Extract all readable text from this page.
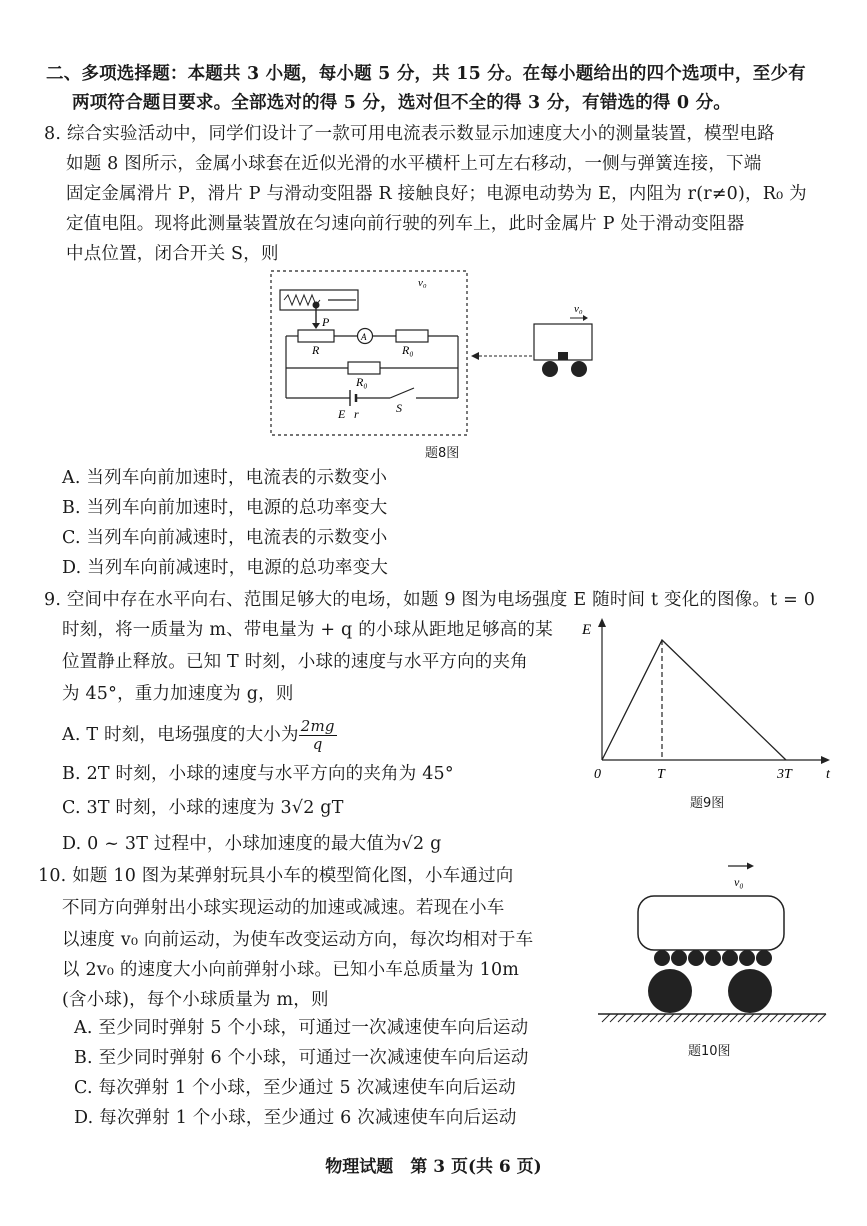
二、多项选择题：本题共 3 小题，每小题 5 分，共 15 分。在每小题给出的四个选项中，至少有
两项符合题目要求。全部选对的得 5 分，选对但不全的得 3 分，有错选的得 0 分。
8. 综合实验活动中，同学们设计了一款可用电流表示数显示加速度大小的测量装置，模型电路
如题 8 图所示，金属小球套在近似光滑的水平横杆上可左右移动，一侧与弹簧连接，下端
固定金属滑片 P，滑片 P 与滑动变阻器 R 接触良好；电源电动势为 E，内阻为 r(r≠0)，R₀ 为
定值电阻。现将此测量装置放在匀速向前行驶的列车上，此时金属片 P 处于滑动变阻器
中点位置，闭合开关 S，则
v₀
P
A
R	R₀
R₀
E r	S
v₀
题8图
A. 当列车向前加速时，电流表的示数变小
B. 当列车向前加速时，电源的总功率变大
C. 当列车向前减速时，电流表的示数变小
D. 当列车向前减速时，电源的总功率变大
9. 空间中存在水平向右、范围足够大的电场，如题 9 图为电场强度 E 随时间 t 变化的图像。t = 0
时刻，将一质量为 m、带电量为 + q 的小球从距地足够高的某
位置静止释放。已知 T 时刻，小球的速度与水平方向的夹角
为 45°，重力加速度为 g，则
A. T 时刻，电场强度的大小为 $\frac{2mg}{q}$
B. 2T 时刻，小球的速度与水平方向的夹角为 45°
C. 3T 时刻，小球的速度为 3√2 gT
D. 0 ~ 3T 过程中，小球加速度的最大值为√2 g
E
t
0	T	3T
题9图
10. 如题 10 图为某弹射玩具小车的模型简化图，小车通过向
不同方向弹射出小球实现运动的加速或减速。若现在小车
以速度 v₀ 向前运动，为使车改变运动方向，每次均相对于车
以 2v₀ 的速度大小向前弹射小球。已知小车总质量为 10m
(含小球)，每个小球质量为 m，则
A. 至少同时弹射 5 个小球，可通过一次减速使车向后运动
B. 至少同时弹射 6 个小球，可通过一次减速使车向后运动
C. 每次弹射 1 个小球，至少通过 5 次减速使车向后运动
D. 每次弹射 1 个小球，至少通过 6 次减速使车向后运动
v₀
题10图
物理试题　第 3 页(共 6 页)
